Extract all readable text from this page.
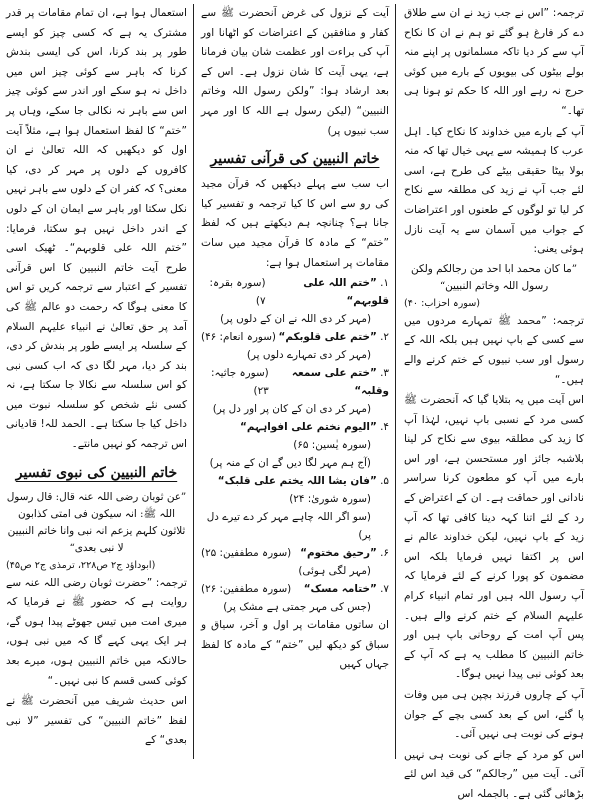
ترجمہ: ”اس نے جب زید نے ان سے طلاق دے کر فارغ ہو گئے تو ہم نے ان کا نکاح آپ سے کر دیا تاکہ مسلمانوں پر اپنے منہ بولے بیٹوں کی بیویوں کے بارے میں کوئی حرج نہ رہے اور اللہ کا حکم تو ہونا ہی تھا۔“

آپ کے بارے میں خداوند کا نکاح کیا۔ اہل عرب کا ہمیشہ سے یہی خیال تھا کہ منہ بولا بیٹا حقیقی بیٹے کی طرح ہے، اسی لئے جب آپ نے زید کی مطلقہ سے نکاح کر لیا تو لوگوں کے طعنوں اور اعتراضات کے جواب میں آسمان سے یہ آیت نازل ہوئی یعنی:

”ما کان محمد ابا احد من رجالکم ولکن رسول اللہ وخاتم النبیین“

(سورہ احزاب: ۴۰)

ترجمہ: ”محمد ﷺ تمہارے مردوں میں سے کسی کے باپ نہیں ہیں بلکہ اللہ کے رسول اور سب نبیوں کے ختم کرنے والے ہیں۔“

اس آیت میں یہ بتلایا گیا کہ آنحضرت ﷺ کسی مرد کے نسبی باپ نہیں، لہٰذا آپ کا زید کی مطلقہ بیوی سے نکاح کر لینا بلاشبہ جائز اور مستحسن ہے، اور اس بارے میں آپ کو مطعون کرنا سراسر نادانی اور حماقت ہے۔ ان کے اعتراض کے رد کے لئے اتنا کہہ دینا کافی تھا کہ آپ زید کے باپ نہیں، لیکن خداوند عالم نے اس پر اکتفا نہیں فرمایا بلکہ اس مضمون کو پورا کرنے کے لئے فرمایا کہ آپ رسول اللہ ہیں اور تمام انبیاء کرام علیہم السلام کے ختم کرنے والے ہیں۔ پس آپ امت کے روحانی باپ ہیں اور خاتم النبیین کا مطلب یہ ہے کہ آپ کے بعد کوئی نبی پیدا نہیں ہوگا۔

آپ کے چاروں فرزند بچپن ہی میں وفات پا گئے، اس کے بعد کسی بچے کے جوان ہونے کی نوبت ہی نہیں آئی۔

اس کو مرد کے جانے کی نوبت ہی نہیں آئی۔ آیت میں ”رجالکم“ کی قید اس لئے بڑھائی گئی ہے۔ بالجملہ اس

آیت کے نزول کی غرض آنحضرت ﷺ سے کفار و منافقین کے اعتراضات کو اٹھانا اور آپ کی براءت اور عظمت شان بیان فرمانا ہے، یہی آیت کا شان نزول ہے۔ اس کے بعد ارشاد ہوا: ”ولکن رسول اللہ وخاتم النبیین“ (لیکن رسول ہے اللہ کا اور مہر سب نبیوں پر)

خاتم النبیین کی قرآنی تفسیر

اب سب سے پہلے دیکھیں کہ قرآن مجید کی رو سے اس کا کیا ترجمہ و تفسیر کیا جانا ہے؟ چنانچہ ہم دیکھتے ہیں کہ لفظ ”ختم“ کے مادہ کا قرآن مجید میں سات مقامات پر استعمال ہوا ہے:

۱. ”ختم اللہ علی قلوبہم“
(سورہ بقرہ: ۷)
(مہر کر دی اللہ نے ان کے دلوں پر)
۲. ”ختم علی قلوبکم“
(سورہ انعام: ۴۶)
(مہر کر دی تمہارے دلوں پر)
۳. ”ختم علی سمعہ وقلبہ“
(سورہ جاثیہ: ۲۳)
(مہر کر دی ان کے کان پر اور دل پر)
۴. ”الیوم نختم علی افواہہم“
(سورہ یٰسین: ۶۵)
(آج ہم مہر لگا دیں گے ان کے منہ پر)
۵. ”فان یشا اللہ یختم علی قلبک“
(سورہ شوریٰ: ۲۴)
(سو اگر اللہ چاہے مہر کر دے تیرے دل پر)
۶. ”رحیق مختوم“
(سورہ مطففین: ۲۵)
(مہر لگی ہوئی)
۷. ”ختامہ مسک“
(سورہ مطففین: ۲۶)
(جس کی مہر جمتی ہے مشک پر)

ان ساتوں مقامات پر اول و آخر، سیاق و سباق کو دیکھ لیں ”ختم“ کے مادہ کا لفظ جہاں کہیں

استعمال ہوا ہے، ان تمام مقامات پر قدر مشترک یہ ہے کہ کسی چیز کو ایسے طور پر بند کرنا، اس کی ایسی بندش کرنا کہ باہر سے کوئی چیز اس میں داخل نہ ہو سکے اور اندر سے کوئی چیز اس سے باہر نہ نکالی جا سکے، وہاں پر ”ختم“ کا لفظ استعمال ہوا ہے، مثلاً آیت اول کو دیکھیں کہ اللہ تعالیٰ نے ان کافروں کے دلوں پر مہر کر دی، کیا معنی؟ کہ کفر ان کے دلوں سے باہر نہیں نکل سکتا اور باہر سے ایمان ان کے دلوں کے اندر داخل نہیں ہو سکتا، فرمایا: ”ختم اللہ علی قلوبہم“۔ ٹھیک اسی طرح آیت خاتم النبیین کا اس قرآنی تفسیر کے اعتبار سے ترجمہ کریں تو اس کا معنی ہوگا کہ رحمت دو عالم ﷺ کی آمد پر حق تعالیٰ نے انبیاء علیہم السلام کے سلسلہ پر ایسے طور پر بندش کر دی، بند کر دیا، مہر لگا دی کہ اب کسی نبی کو اس سلسلہ سے نکالا جا سکتا ہے، نہ کسی نئے شخص کو سلسلہ نبوت میں داخل کیا جا سکتا ہے۔ الحمد للہ! قادیانی اس ترجمہ کو نہیں مانتے۔

خاتم النبیین کی نبوی تفسیر

”عن ثوبان رضی اللہ عنہ قال: قال رسول اللہ ﷺ: انہ سیکون فی امتی کذابون ثلاثون کلہم یزعم انہ نبی وانا خاتم النبیین لا نبی بعدی“

(ابوداؤد ج۲ ص۲۲۸، ترمذی ج۲ ص۴۵)

ترجمہ: ”حضرت ثوبان رضی اللہ عنہ سے روایت ہے کہ حضور ﷺ نے فرمایا کہ میری امت میں تیس جھوٹے پیدا ہوں گے، ہر ایک یہی کہے گا کہ میں نبی ہوں، حالانکہ میں خاتم النبیین ہوں، میرے بعد کوئی کسی قسم کا نبی نہیں۔“

اس حدیث شریف میں آنحضرت ﷺ نے لفظ ”خاتم النبیین“ کی تفسیر ”لا نبی بعدی“ کے
